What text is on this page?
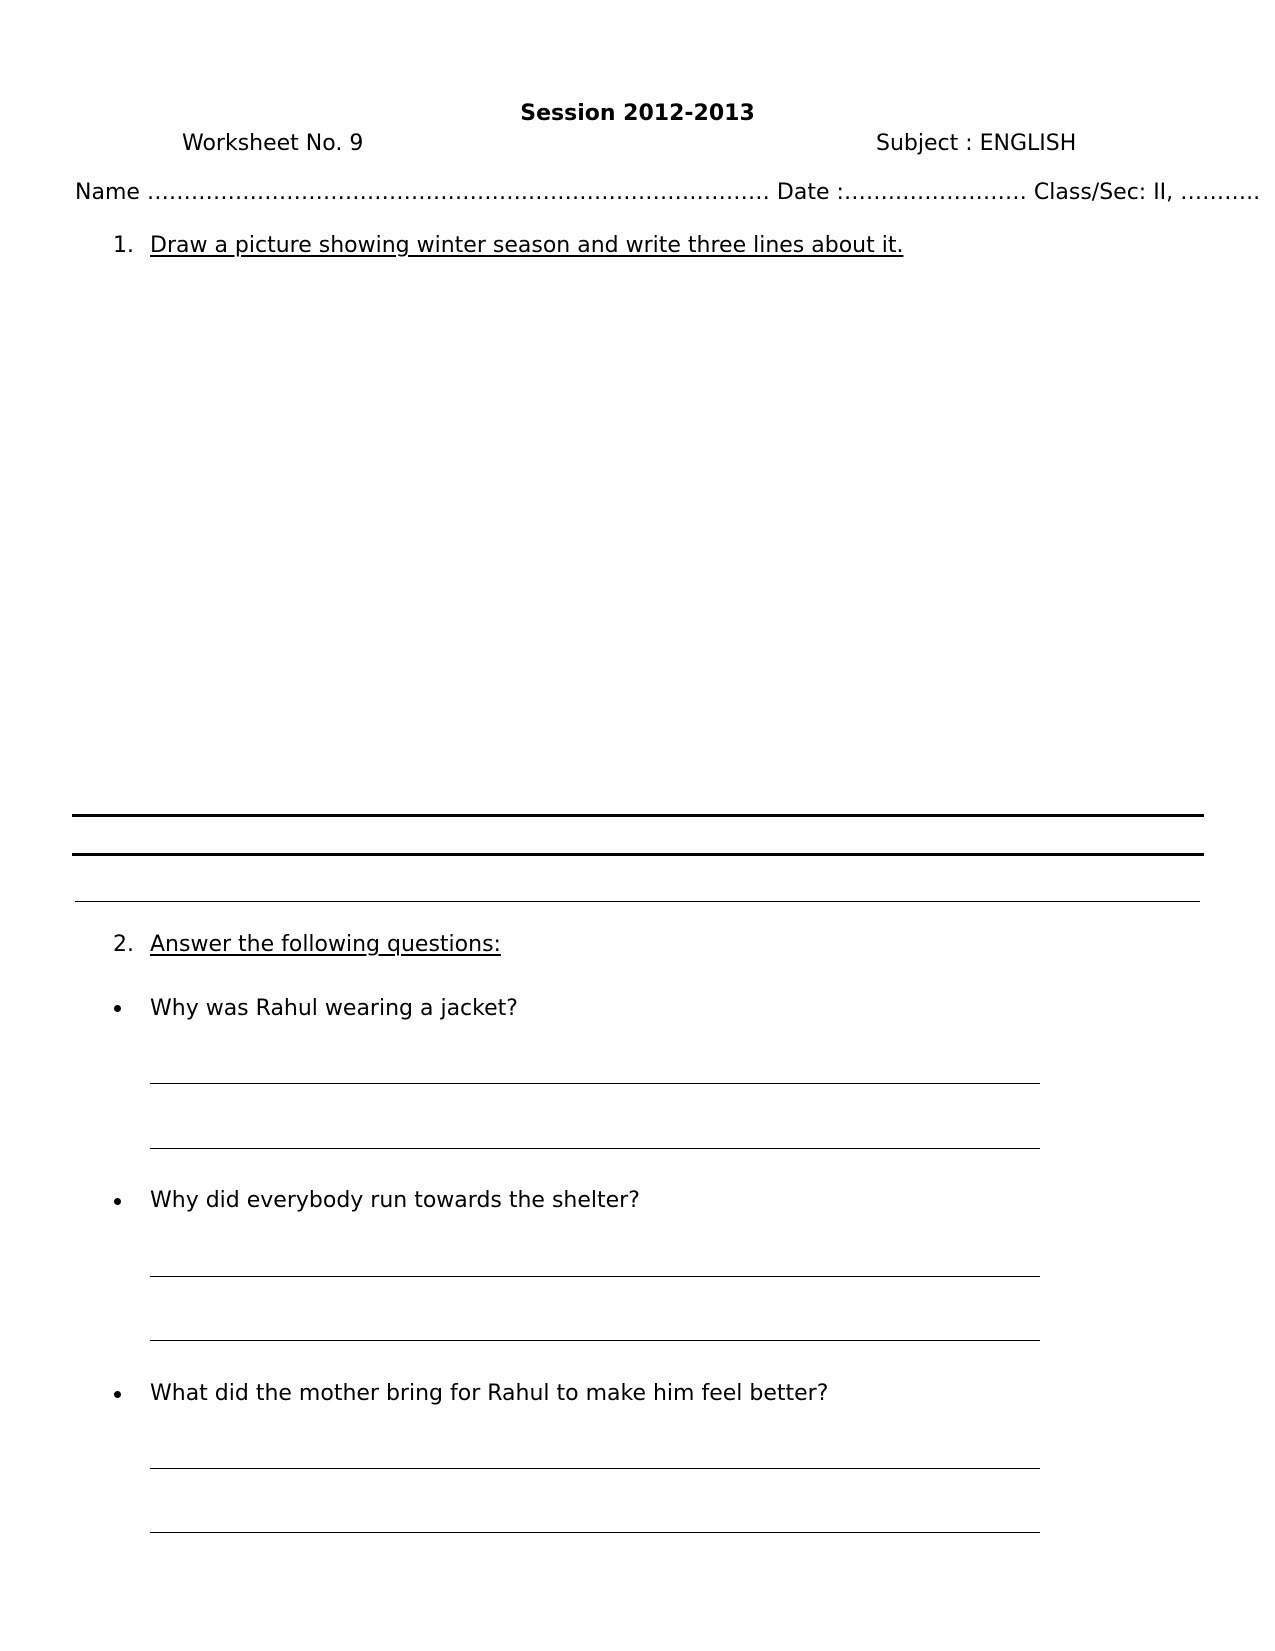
Session 2012-2013
Worksheet No. 9	Subject : ENGLISH
Name …………………………………………….…………………………… Date :…….……………… Class/Sec: II, ………..
1. Draw a picture showing winter season and write three lines about it.
2. Answer the following questions:
Why was Rahul wearing a jacket?
Why did everybody run towards the shelter?
What did the mother bring for Rahul to make him feel better?
